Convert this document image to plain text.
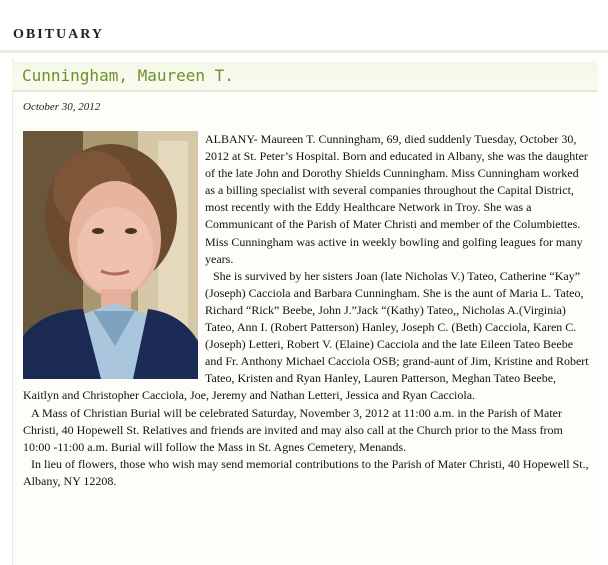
OBITUARY
Cunningham, Maureen T.
October 30, 2012

ALBANY- Maureen T. Cunningham, 69, died suddenly Tuesday, October 30, 2012 at St. Peter’s Hospital. Born and educated in Albany, she was the daughter of the late John and Dorothy Shields Cunningham. Miss Cunningham worked as a billing specialist with several companies throughout the Capital District, most recently with the Eddy Healthcare Network in Troy. She was a Communicant of the Parish of Mater Christi and member of the Columbiettes. Miss Cunningham was active in weekly bowling and golfing leagues for many years.

She is survived by her sisters Joan (late Nicholas V.) Tateo, Catherine “Kay” (Joseph) Cacciola and Barbara Cunningham. She is the aunt of Maria L. Tateo, Richard “Rick” Beebe, John J.”Jack “(Kathy) Tateo,, Nicholas A.(Virginia) Tateo, Ann I. (Robert Patterson) Hanley, Joseph C. (Beth) Cacciola, Karen C. (Joseph) Letteri, Robert V. (Elaine) Cacciola and the late Eileen Tateo Beebe and Fr. Anthony Michael Cacciola OSB; grand-aunt of Jim, Kristine and Robert Tateo, Kristen and Ryan Hanley, Lauren Patterson, Meghan Tateo Beebe, Kaitlyn and Christopher Cacciola, Joe, Jeremy and Nathan Letteri, Jessica and Ryan Cacciola.

A Mass of Christian Burial will be celebrated Saturday, November 3, 2012 at 11:00 a.m. in the Parish of Mater Christi, 40 Hopewell St. Relatives and friends are invited and may also call at the Church prior to the Mass from 10:00 -11:00 a.m. Burial will follow the Mass in St. Agnes Cemetery, Menands.

In lieu of flowers, those who wish may send memorial contributions to the Parish of Mater Christi, 40 Hopewell St., Albany, NY 12208.
